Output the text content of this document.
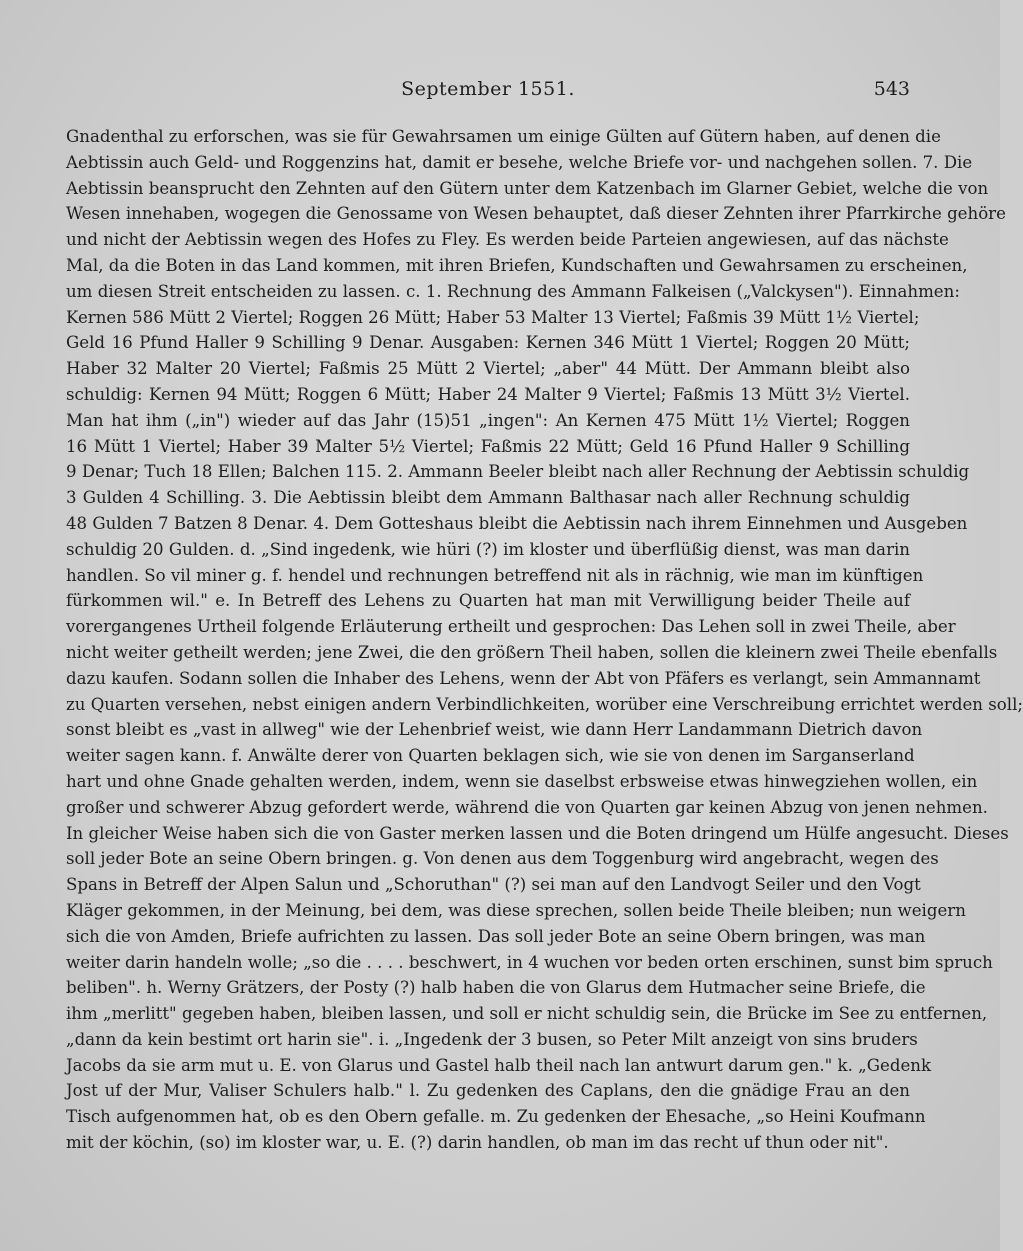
September 1551.	543
Gnadenthal zu erforschen, was sie für Gewahrsamen um einige Gülten auf Gütern haben, auf denen die
Aebtissin auch Geld- und Roggenzins hat, damit er besehe, welche Briefe vor- und nachgehen sollen. 7. Die
Aebtissin beansprucht den Zehnten auf den Gütern unter dem Katzenbach im Glarner Gebiet, welche die von
Wesen innehaben, wogegen die Genossame von Wesen behauptet, daß dieser Zehnten ihrer Pfarrkirche gehöre
und nicht der Aebtissin wegen des Hofes zu Fley. Es werden beide Parteien angewiesen, auf das nächste
Mal, da die Boten in das Land kommen, mit ihren Briefen, Kundschaften und Gewahrsamen zu erscheinen,
um diesen Streit entscheiden zu lassen. c. 1. Rechnung des Ammann Falkeisen („Valckysen"). Einnahmen:
Kernen 586 Mütt 2 Viertel; Roggen 26 Mütt; Haber 53 Malter 13 Viertel; Faßmis 39 Mütt 1½ Viertel;
Geld 16 Pfund Haller 9 Schilling 9 Denar. Ausgaben: Kernen 346 Mütt 1 Viertel; Roggen 20 Mütt;
Haber 32 Malter 20 Viertel; Faßmis 25 Mütt 2 Viertel; „aber" 44 Mütt. Der Ammann bleibt also
schuldig: Kernen 94 Mütt; Roggen 6 Mütt; Haber 24 Malter 9 Viertel; Faßmis 13 Mütt 3½ Viertel.
Man hat ihm („in") wieder auf das Jahr (15)51 „ingen": An Kernen 475 Mütt 1½ Viertel; Roggen
16 Mütt 1 Viertel; Haber 39 Malter 5½ Viertel; Faßmis 22 Mütt; Geld 16 Pfund Haller 9 Schilling
9 Denar; Tuch 18 Ellen; Balchen 115. 2. Ammann Beeler bleibt nach aller Rechnung der Aebtissin schuldig
3 Gulden 4 Schilling. 3. Die Aebtissin bleibt dem Ammann Balthasar nach aller Rechnung schuldig
48 Gulden 7 Batzen 8 Denar. 4. Dem Gotteshaus bleibt die Aebtissin nach ihrem Einnehmen und Ausgeben
schuldig 20 Gulden. d. „Sind ingedenk, wie hüri (?) im kloster und überflüßig dienst, was man darin
handlen. So vil miner g. f. hendel und rechnungen betreffend nit als in rächnig, wie man im künftigen
fürkommen wil." e. In Betreff des Lehens zu Quarten hat man mit Verwilligung beider Theile auf
vorergangenes Urtheil folgende Erläuterung ertheilt und gesprochen: Das Lehen soll in zwei Theile, aber
nicht weiter getheilt werden; jene Zwei, die den größern Theil haben, sollen die kleinern zwei Theile ebenfalls
dazu kaufen. Sodann sollen die Inhaber des Lehens, wenn der Abt von Pfäfers es verlangt, sein Ammannamt
zu Quarten versehen, nebst einigen andern Verbindlichkeiten, worüber eine Verschreibung errichtet werden soll;
sonst bleibt es „vast in allweg" wie der Lehenbrief weist, wie dann Herr Landammann Dietrich davon
weiter sagen kann. f. Anwälte derer von Quarten beklagen sich, wie sie von denen im Sarganserland
hart und ohne Gnade gehalten werden, indem, wenn sie daselbst erbsweise etwas hinwegziehen wollen, ein
großer und schwerer Abzug gefordert werde, während die von Quarten gar keinen Abzug von jenen nehmen.
In gleicher Weise haben sich die von Gaster merken lassen und die Boten dringend um Hülfe angesucht. Dieses
soll jeder Bote an seine Obern bringen. g. Von denen aus dem Toggenburg wird angebracht, wegen des
Spans in Betreff der Alpen Salun und „Schoruthan" (?) sei man auf den Landvogt Seiler und den Vogt
Kläger gekommen, in der Meinung, bei dem, was diese sprechen, sollen beide Theile bleiben; nun weigern
sich die von Amden, Briefe aufrichten zu lassen. Das soll jeder Bote an seine Obern bringen, was man
weiter darin handeln wolle; „so die . . . . beschwert, in 4 wuchen vor beden orten erschinen, sunst bim spruch
beliben". h. Werny Grätzers, der Posty (?) halb haben die von Glarus dem Hutmacher seine Briefe, die
ihm „merlitt" gegeben haben, bleiben lassen, und soll er nicht schuldig sein, die Brücke im See zu entfernen,
„dann da kein bestimt ort harin sie". i. „Ingedenk der 3 busen, so Peter Milt anzeigt von sins bruders
Jacobs da sie arm mut u. E. von Glarus und Gastel halb theil nach lan antwurt darum gen." k. „Gedenk
Jost uf der Mur, Valiser Schulers halb." l. Zu gedenken des Caplans, den die gnädige Frau an den
Tisch aufgenommen hat, ob es den Obern gefalle. m. Zu gedenken der Ehesache, „so Heini Koufmann
mit der köchin, (so) im kloster war, u. E. (?) darin handlen, ob man im das recht uf thun oder nit".
